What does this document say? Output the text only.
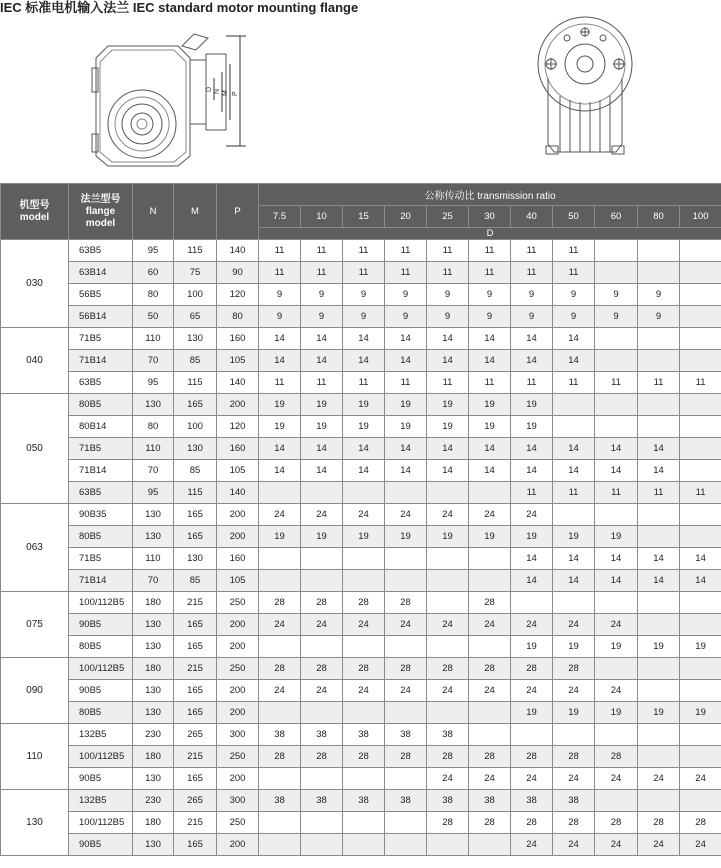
IEC 标准电机输入法兰 IEC standard motor mounting flange
D N M P
机型号
model	法兰型号
flange
model	N	M	P	公称传动比 transmission ratio										
					7.5	10	15	20	25	30	40	50	60	80	100
					D										
030	63B5	95	115	140	11	11	11	11	11	11	11	11			
	63B14	60	75	90	11	11	11	11	11	11	11	11			
	56B5	80	100	120	9	9	9	9	9	9	9	9	9	9	
	56B14	50	65	80	9	9	9	9	9	9	9	9	9	9	
040	71B5	110	130	160	14	14	14	14	14	14	14	14			
	71B14	70	85	105	14	14	14	14	14	14	14	14			
	63B5	95	115	140	11	11	11	11	11	11	11	11	11	11	11
050	80B5	130	165	200	19	19	19	19	19	19	19				
	80B14	80	100	120	19	19	19	19	19	19	19				
	71B5	110	130	160	14	14	14	14	14	14	14	14	14	14	
	71B14	70	85	105	14	14	14	14	14	14	14	14	14	14	
	63B5	95	115	140							11	11	11	11	11
063	90B35	130	165	200	24	24	24	24	24	24	24				
	80B5	130	165	200	19	19	19	19	19	19	19	19	19		
	71B5	110	130	160							14	14	14	14	14
	71B14	70	85	105							14	14	14	14	14
075	100/112B5	180	215	250	28	28	28	28		28					
	90B5	130	165	200	24	24	24	24	24	24	24	24	24		
	80B5	130	165	200							19	19	19	19	19
090	100/112B5	180	215	250	28	28	28	28	28	28	28	28			
	90B5	130	165	200	24	24	24	24	24	24	24	24	24		
	80B5	130	165	200							19	19	19	19	19
110	132B5	230	265	300	38	38	38	38	38						
	100/112B5	180	215	250	28	28	28	28	28	28	28	28	28		
	90B5	130	165	200					24	24	24	24	24	24	24
130	132B5	230	265	300	38	38	38	38	38	38	38	38			
	100/112B5	180	215	250					28	28	28	28	28	28	28
	90B5	130	165	200							24	24	24	24	24
